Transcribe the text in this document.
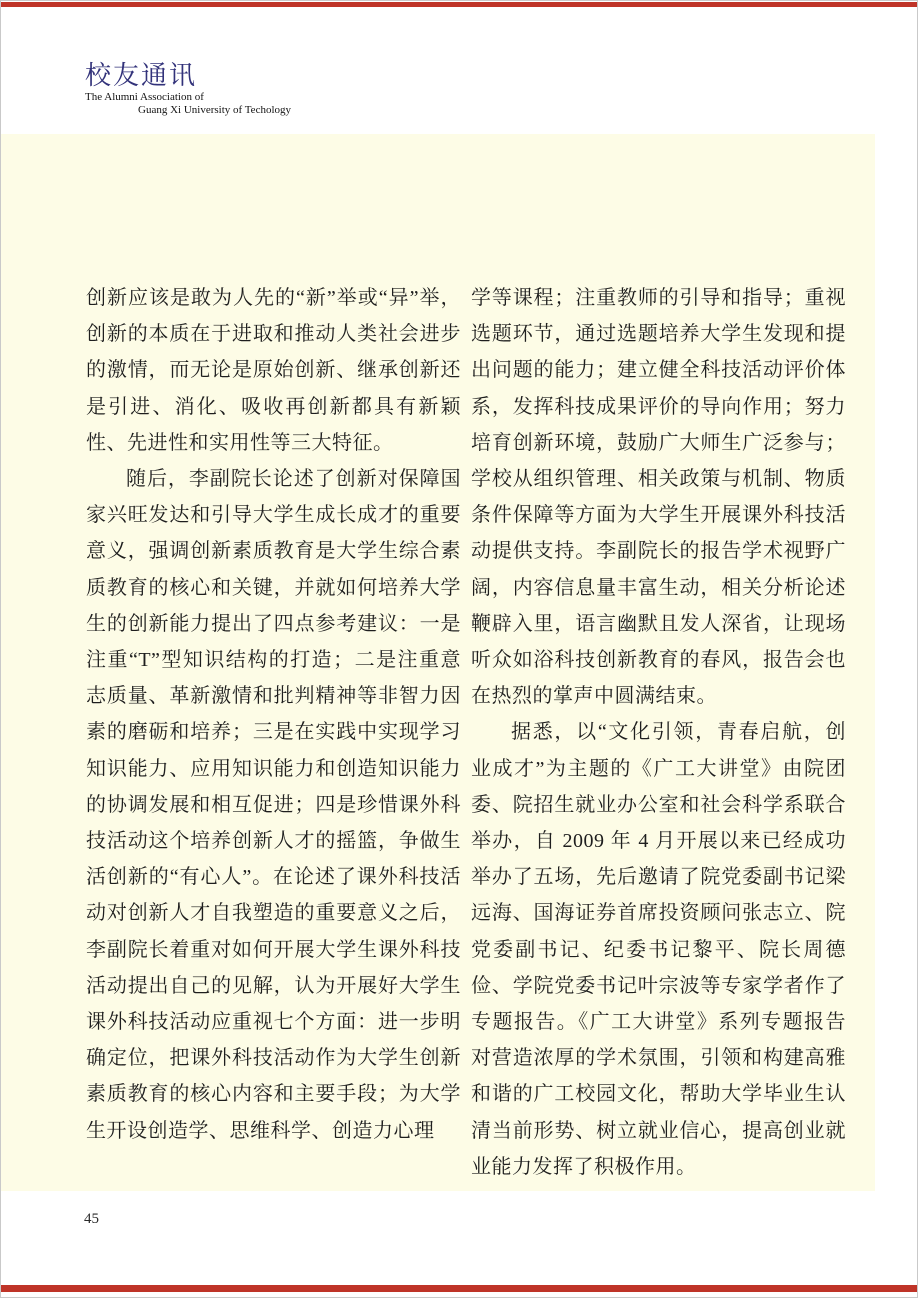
校友通讯
The Alumni Association of
Guang Xi University of Techology

创新应该是敢为人先的“新”举或“异”举，创新的本质在于进取和推动人类社会进步的激情，而无论是原始创新、继承创新还是引进、消化、吸收再创新都具有新颖性、先进性和实用性等三大特征。

随后，李副院长论述了创新对保障国家兴旺发达和引导大学生成长成才的重要意义，强调创新素质教育是大学生综合素质教育的核心和关键，并就如何培养大学生的创新能力提出了四点参考建议：一是注重“T”型知识结构的打造；二是注重意志质量、革新激情和批判精神等非智力因素的磨砺和培养；三是在实践中实现学习知识能力、应用知识能力和创造知识能力的协调发展和相互促进；四是珍惜课外科技活动这个培养创新人才的摇篮，争做生活创新的“有心人”。在论述了课外科技活动对创新人才自我塑造的重要意义之后，李副院长着重对如何开展大学生课外科技活动提出自己的见解，认为开展好大学生课外科技活动应重视七个方面：进一步明确定位，把课外科技活动作为大学生创新素质教育的核心内容和主要手段；为大学生开设创造学、思维科学、创造力心理

学等课程；注重教师的引导和指导；重视选题环节，通过选题培养大学生发现和提出问题的能力；建立健全科技活动评价体系，发挥科技成果评价的导向作用；努力培育创新环境，鼓励广大师生广泛参与；学校从组织管理、相关政策与机制、物质条件保障等方面为大学生开展课外科技活动提供支持。李副院长的报告学术视野广阔，内容信息量丰富生动，相关分析论述鞭辟入里，语言幽默且发人深省，让现场听众如浴科技创新教育的春风，报告会也在热烈的掌声中圆满结束。

据悉，以“文化引领，青春启航，创业成才”为主题的《广工大讲堂》由院团委、院招生就业办公室和社会科学系联合举办，自 2009 年 4 月开展以来已经成功举办了五场，先后邀请了院党委副书记梁远海、国海证券首席投资顾问张志立、院党委副书记、纪委书记黎平、院长周德俭、学院党委书记叶宗波等专家学者作了专题报告。《广工大讲堂》系列专题报告对营造浓厚的学术氛围，引领和构建高雅和谐的广工校园文化，帮助大学毕业生认清当前形势、树立就业信心，提高创业就业能力发挥了积极作用。

45
